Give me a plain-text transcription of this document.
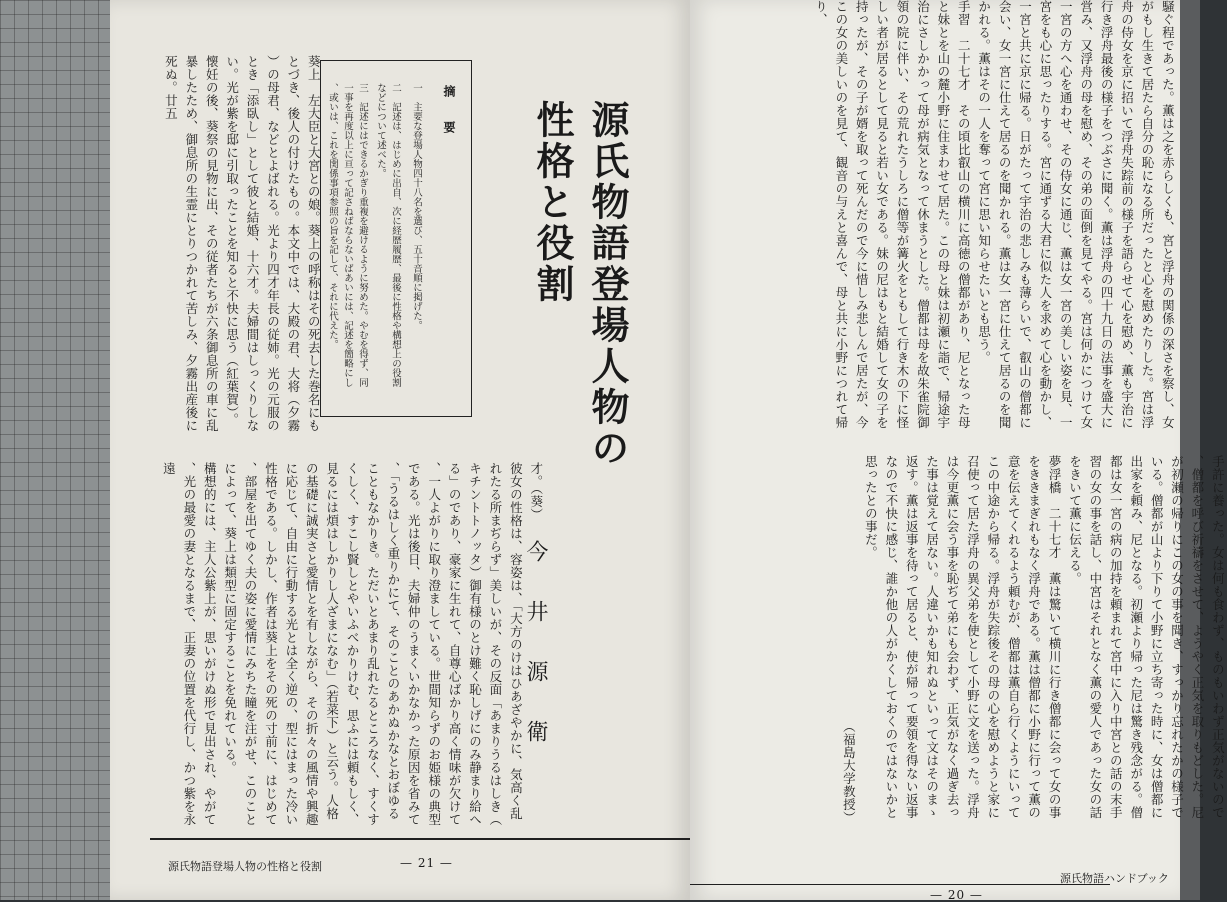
源氏物語登場人物の性格と役割
今井源衛
摘要
一　主要な登場人物四十八名を選び、五十音順に掲げた。
二　記述は、はじめに出自、次に経歴履歴、最後に性格や構想上の役割などについて述べた。
三　記述にはできるかぎり重複を避けるように努めた。やむを得ず、同一事を再度以上に亘って記さねばならないばあいには、記述を簡略にし、或いは、これを関係事項参照の旨を記して、それに代えた。
葵上　左大臣と大宮との娘。葵上の呼称はその死去した巻名にもとづき、後人の付けたもの。本文中では、大殿の君、大将（夕霧）の母君、などとよばれる。光より四才年長の従姉。光の元服のとき「添臥し」として彼と結婚、十六才。夫婦間はしっくりしない。光が紫を邸に引取ったことを知ると不快に思う（紅葉賀）。懐妊の後、葵祭の見物に出、その従者たちが六条御息所の車に乱暴したため、御息所の生霊にとりつかれて苦しみ、夕霧出産後に死ぬ。廿五
才。（葵）
彼女の性格は、容姿は、「大方のけはひあざやかに、気高く乱れたる所まぢらず」美しいが、その反面「あまりうるはしき（キチントトノッタ）御有様のとけ難く恥しげにのみ静まり給へる」のであり、豪家に生れて、自尊心ばかり高く情味が欠けて、一人よがりに取り澄ましている。世間知らずのお姫様の典型である。光は後日、夫婦仲のうまくいかなかった原因を省みて、「うるはしく重りかにて、そのことのあかぬかなとおぼゆることもなかりき。ただいとあまり乱れたるところなく、すくすくしく、すこし賢しとやいふべかりけむ、思ふには頼もしく、見るには煩はしかりし人ざまになむ」（若菜下）と云う。人格の基礎に誠実さと愛情とを有しながら、その折々の風情や興趣に応じて、自由に行動する光とは全く逆の、型にはまった冷い性格である。しかし、作者は葵上をその死の寸前に、はじめて、部屋を出てゆく夫の姿に愛情にみちた瞳を注がせ、このことによって、葵上は類型に固定することを免れている。
構想的には、主人公紫上が、思いがけぬ形で見出され、やがて、光の最愛の妻となるまで、正妻の位置を代行し、かつ紫を永遠
源氏物語登場人物の性格と役割	— 21 —
騒ぐ程であった。薫は之を赤らしくも、宮と浮舟の関係の深さを察し、女がもし生きて居たら自分の恥になる所だったと心を慰めたりした。宮は浮舟の侍女を京に招いて浮舟失踪前の様子を語らせて心を慰め、薫も宇治に行き浮舟最後の様子をつぶさに聞く。薫は浮舟の四十九日の法事を盛大に営み、又浮舟の母を慰め、その弟の面倒を見てやる。宮は何かにつけて女一宮の方へ心を通わせ、その侍女に通じ、薫は女一宮の美しい姿を見、一宮をも心に思ったりする。宮に通ずる大君に似た人を求めて心を動かし、一宮と共に京に帰る。日がたって宇治の悲しみも薄らいで、叡山の僧都に会い、女一宮に仕えて居るのを聞かれる。薫は女一宮に仕えて居るのを聞かれる。薫はその一人を奪って宮に思い知らせたいとも思う。
手習　二十七才　その頃比叡山の横川に高徳の僧都があり、尼となった母と妹とを山の麓小野に住まわせて居た。この母と妹は初瀬に詣で、帰途宇治にさしかかって母が病気となって休まうとした。僧都は母を故朱雀院御領の院に伴い、その荒れたうしろに僧等が篝火をともして行き木の下に怪しい者が居るとして見ると若い女である。妹の尼はもと結婚して女の子を持ったが、その子が婿を取って死んだので今に惜しみ悲しんで居たが、今この女の美しいのを見て、観音の与えと喜んで、母と共に小野につれて帰り、
手許に養った。女は何も食わず、ものもいわず正気がないので、僧都を呼び祈禱をさせて、ようやく正気を取りもどした。尼が初瀬の帰りにこの女の事を聞き、すっかり忘れたかの様子でいる。僧都が山より下りて小野に立ち寄った時に、女は僧都に出家を頼み、尼となる。初瀬より帰った尼は驚き残念がる。僧都は女一宮の病の加持を頼まれて宮中に入り中宮との話の末手習の女の事を話し、中宮はそれとなく薫の愛人であった女の話をきいて薫に伝える。
夢浮橋　二十七才　薫は驚いて横川に行き僧都に会って女の事をききまぎれもなく浮舟である。薫は僧都に小野に行って薫の意を伝えてくれるよう頼むが、僧都は薫自ら行くようにいってこの中途から帰る。浮舟が失踪後その母の心を慰めようと家に召使って居た浮舟の異父弟を使として小野に文を送った。浮舟は今更薫に会う事を恥ぢて弟にも会わず、正気がなく過ぎ去った事は覚えて居ない。人違いかも知れぬといって文はそのまゝ返す。薫は返事を待って居ると、使が帰って要領を得ない返事なので不快に感じ、誰か他の人がかくしておくのではないかと思ったとの事だ。
（福島大学教授）
— 20 —
源氏物語ハンドブック
